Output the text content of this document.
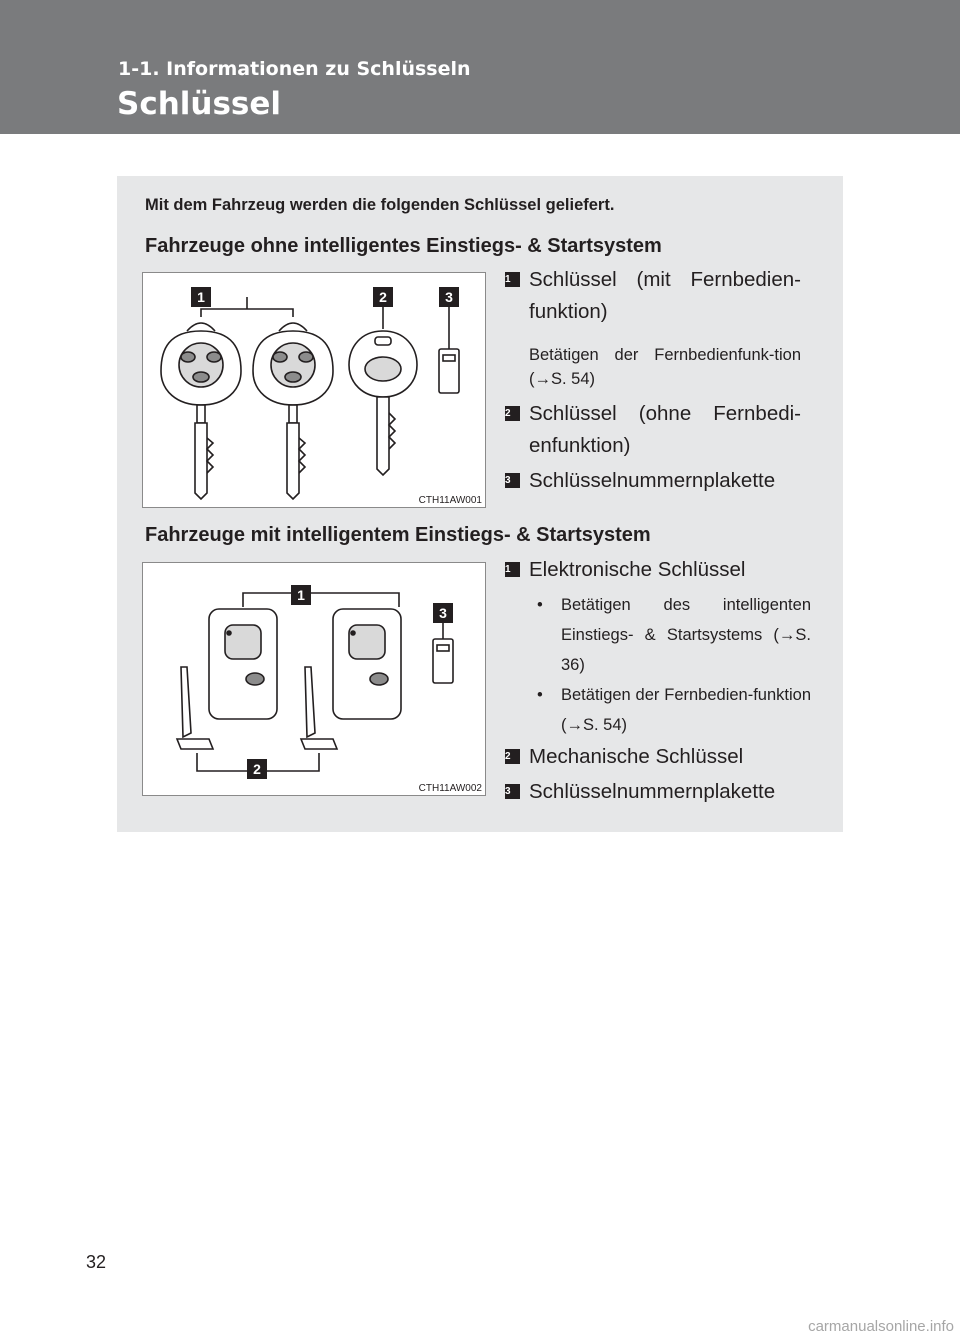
1-1. Informationen zu Schlüsseln
Schlüssel
Mit dem Fahrzeug werden die folgenden Schlüssel geliefert.
Fahrzeuge ohne intelligentes Einstiegs- & Startsystem
1	2	3
CTH11AW001
1 Schlüssel (mit Fernbedien-funktion)
Betätigen der Fernbedienfunk-tion (→S. 54)
2 Schlüssel (ohne Fernbedi-enfunktion)
3 Schlüsselnummernplakette
Fahrzeuge mit intelligentem Einstiegs- & Startsystem
1
2
3
CTH11AW002
1 Elektronische Schlüssel
•	Betätigen des intelligenten Einstiegs- & Startsystems (→S. 36)
•	Betätigen der Fernbedien-funktion (→S. 54)
2 Mechanische Schlüssel
3 Schlüsselnummernplakette
32
carmanualsonline.info
